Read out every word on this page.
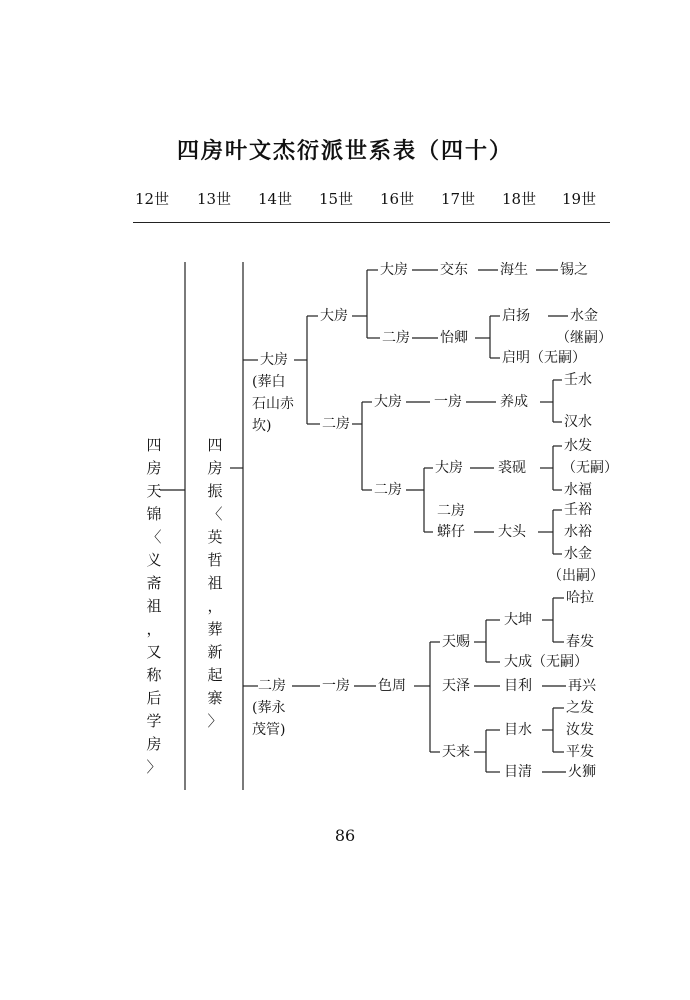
四房叶文杰衍派世系表（四十）
12世 13世 14世 15世 16世 17世 18世 19世
四
房
天
锦
〈
义
斋
祖
，
又
称
后
学
房
〉
四
房
振
〈
英
哲
祖
，
葬
新
起
寨
〉
大房
(葬白
石山赤
坎)
二房
(葬永
茂管)
大房
二房
一房
大房
二房
大房
二房
色周
交东
怡卿
一房
大房
二房
蟒仔
天赐
天泽
天来
海生
启扬
启明（无嗣）
养成
裘砚
大头
大坤
大成（无嗣）
目利
目水
目清
锡之
水金
（继嗣）
壬水
汉水
水发
（无嗣）
水福
壬裕
水裕
水金
（出嗣）
哈拉
春发
再兴
之发
汝发
平发
火狮
86
